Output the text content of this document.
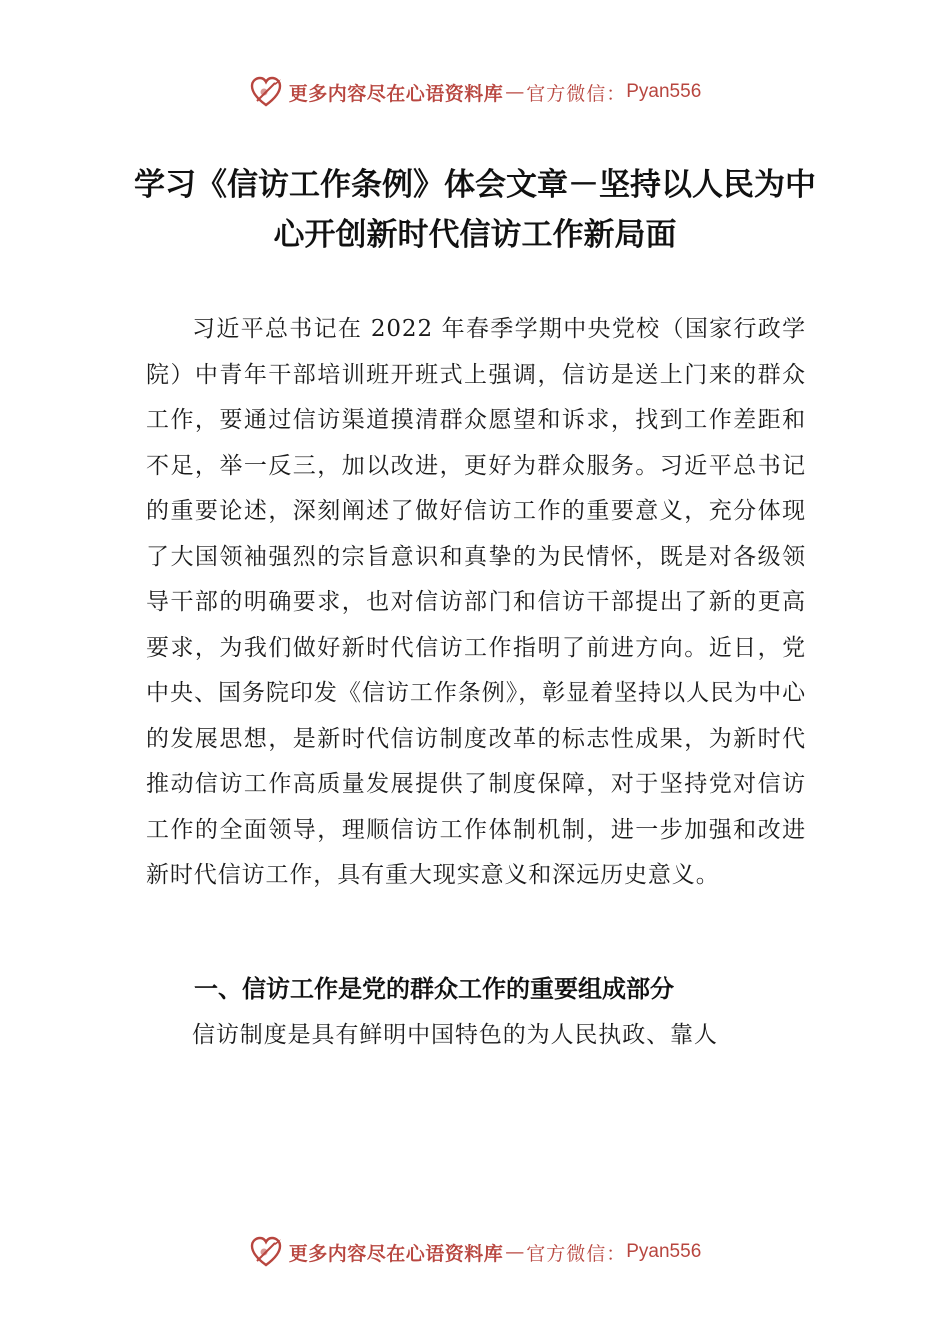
更多内容尽在心语资料库 — 官方微信： Pyan556
学习《信访工作条例》体会文章－坚持以人民为中心开创新时代信访工作新局面

习近平总书记在 2022 年春季学期中央党校（国家行政学院）中青年干部培训班开班式上强调，信访是送上门来的群众工作，要通过信访渠道摸清群众愿望和诉求，找到工作差距和不足，举一反三，加以改进，更好为群众服务。习近平总书记的重要论述，深刻阐述了做好信访工作的重要意义，充分体现了大国领袖强烈的宗旨意识和真挚的为民情怀，既是对各级领导干部的明确要求，也对信访部门和信访干部提出了新的更高要求，为我们做好新时代信访工作指明了前进方向。近日，党中央、国务院印发《信访工作条例》，彰显着坚持以人民为中心的发展思想，是新时代信访制度改革的标志性成果，为新时代推动信访工作高质量发展提供了制度保障，对于坚持党对信访工作的全面领导，理顺信访工作体制机制，进一步加强和改进新时代信访工作，具有重大现实意义和深远历史意义。

一、信访工作是党的群众工作的重要组成部分

信访制度是具有鲜明中国特色的为人民执政、靠人

更多内容尽在心语资料库 — 官方微信： Pyan556
